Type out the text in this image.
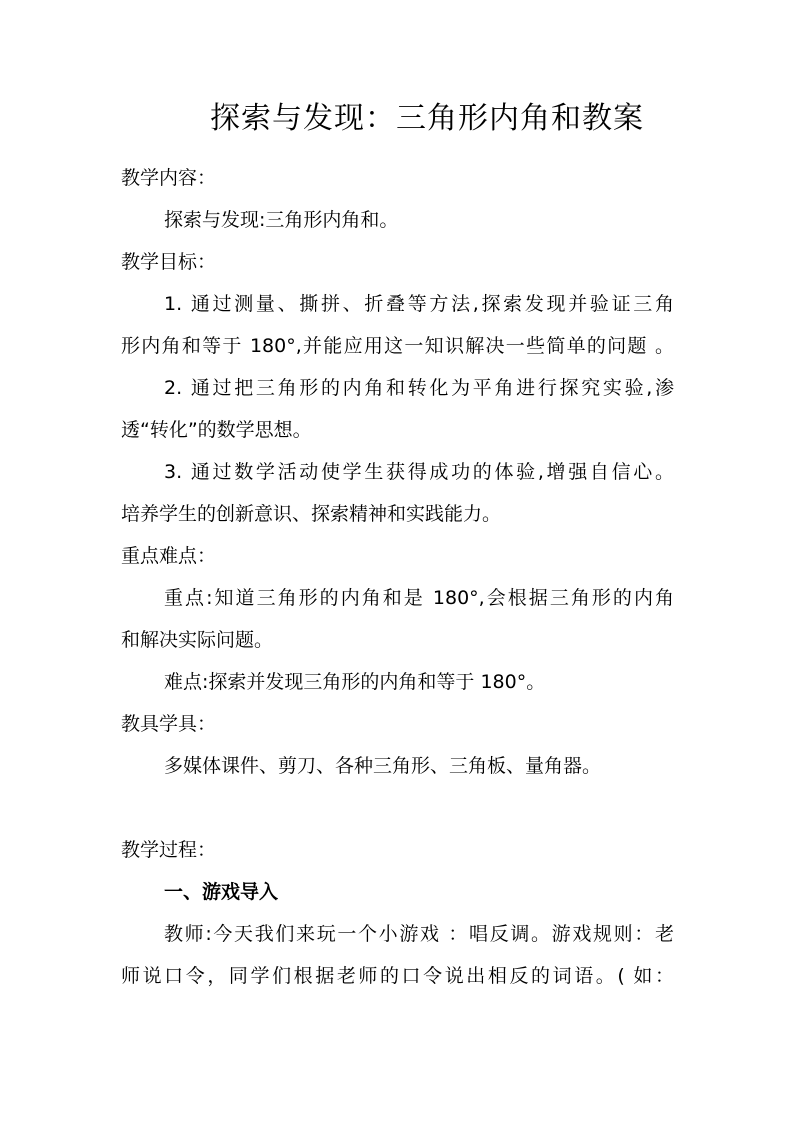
探索与发现：三角形内角和教案
教学内容：
探索与发现:三角形内角和。
教学目标：
1. 通过测量、撕拼、折叠等方法,探索发现并验证三角
形内角和等于 180°,并能应用这一知识解决一些简单的问题 。
2. 通过把三角形的内角和转化为平角进行探究实验,渗
透“转化”的数学思想。
3. 通过数学活动使学生获得成功的体验,增强自信心。
培养学生的创新意识、探索精神和实践能力。
重点难点：
重点:知道三角形的内角和是 180°,会根据三角形的内角
和解决实际问题。
难点:探索并发现三角形的内角和等于 180°。
教具学具：
多媒体课件、剪刀、各种三角形、三角板、量角器。
教学过程：
一、游戏导入
教师:今天我们来玩一个小游戏 ：唱反调。游戏规则：老
师说口令，同学们根据老师的口令说出相反的词语。( 如：
